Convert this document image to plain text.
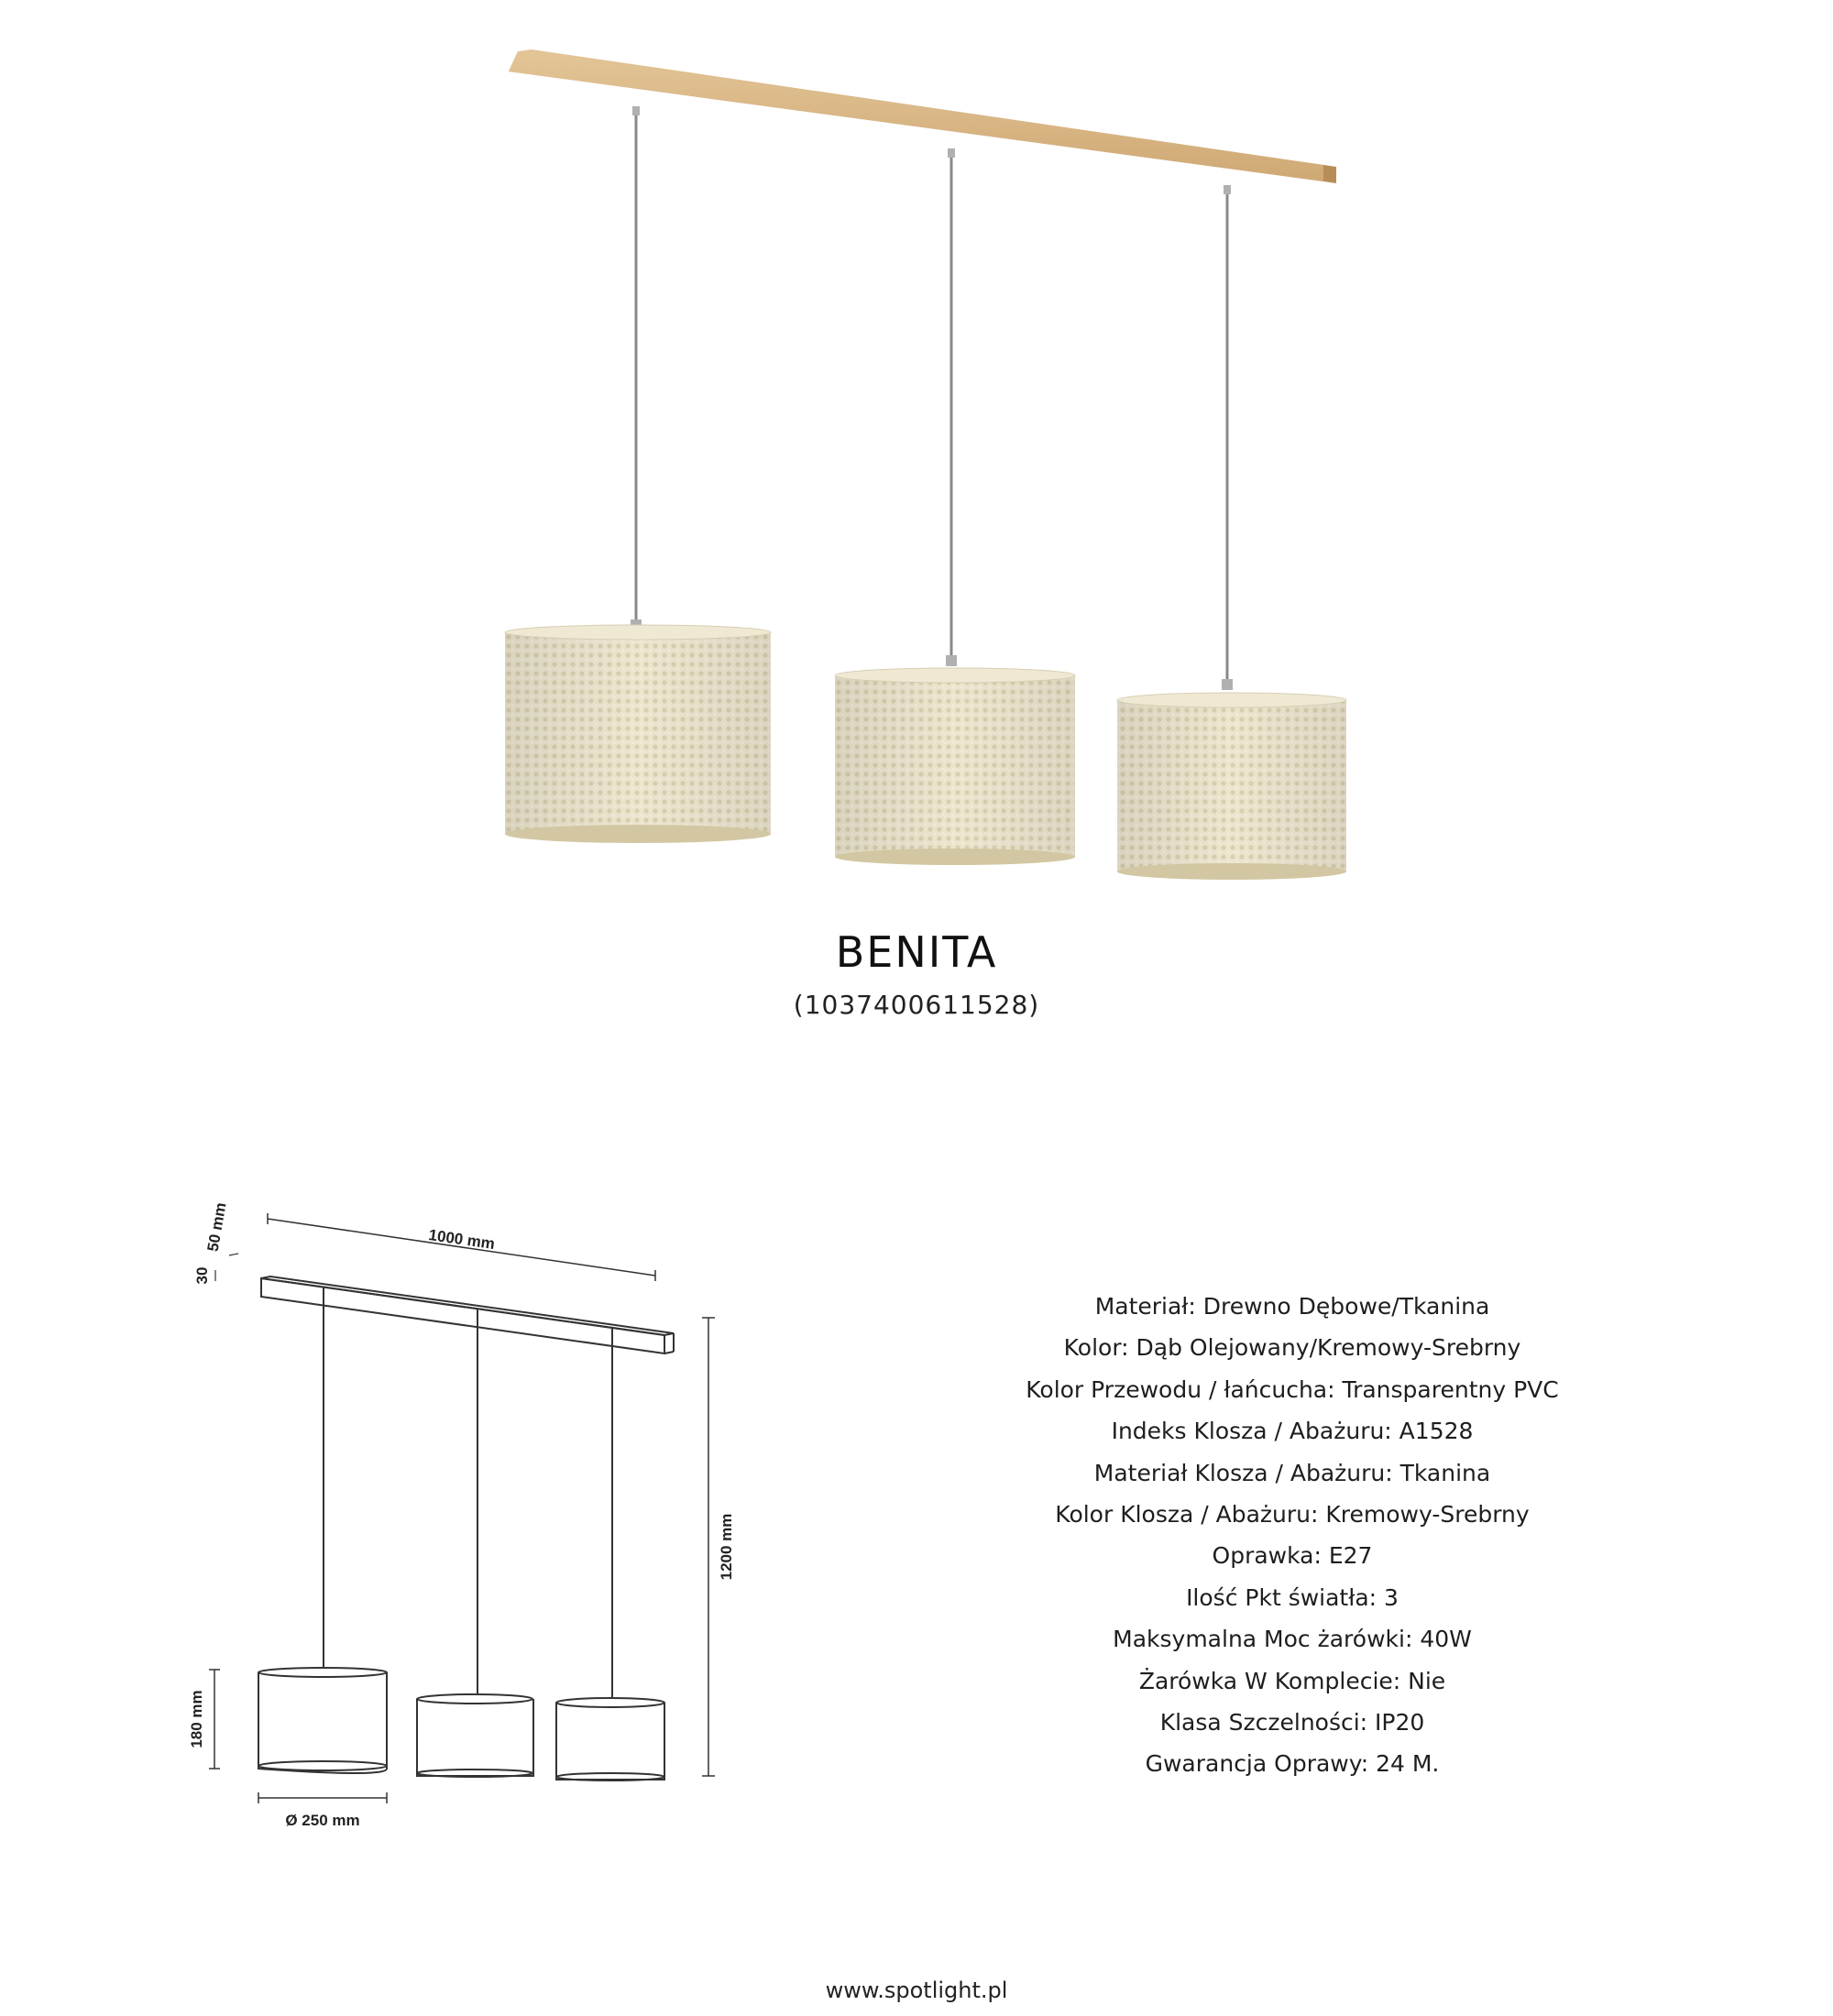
BENITA
(1037400611528)
1000 mm
1200 mm
180 mm
Ø 250 mm
30
50 mm
Materiał: Drewno Dębowe/Tkanina
Kolor: Dąb Olejowany/Kremowy-Srebrny
Kolor Przewodu / łańcucha: Transparentny PVC
Indeks Klosza / Abażuru: A1528
Materiał Klosza / Abażuru: Tkanina
Kolor Klosza / Abażuru: Kremowy-Srebrny
Oprawka: E27
Ilość Pkt światła: 3
Maksymalna Moc żarówki: 40W
Żarówka W Komplecie: Nie
Klasa Szczelności: IP20
Gwarancja Oprawy: 24 M.
www.spotlight.pl
